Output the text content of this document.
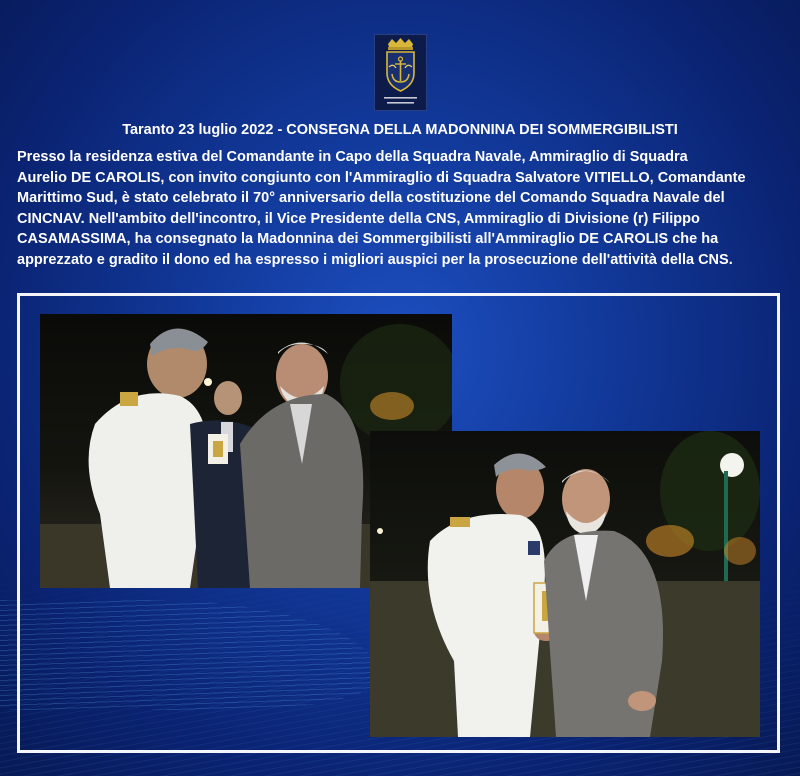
Taranto 23 luglio 2022 - CONSEGNA DELLA MADONNINA DEI SOMMERGIBILISTI
Presso la residenza estiva del Comandante in Capo della Squadra Navale, Ammiraglio di Squadra
Aurelio DE CAROLIS, con invito congiunto con l'Ammiraglio di Squadra Salvatore VITIELLO, Comandante
Marittimo Sud, è stato celebrato il 70° anniversario della costituzione del Comando Squadra Navale del
CINCNAV. Nell'ambito dell'incontro, il Vice Presidente della CNS, Ammiraglio di Divisione (r) Filippo
CASAMASSIMA, ha consegnato la Madonnina dei Sommergibilisti all'Ammiraglio DE CAROLIS che ha
apprezzato e gradito il dono ed ha espresso i migliori auspici per la prosecuzione dell'attività della CNS.
